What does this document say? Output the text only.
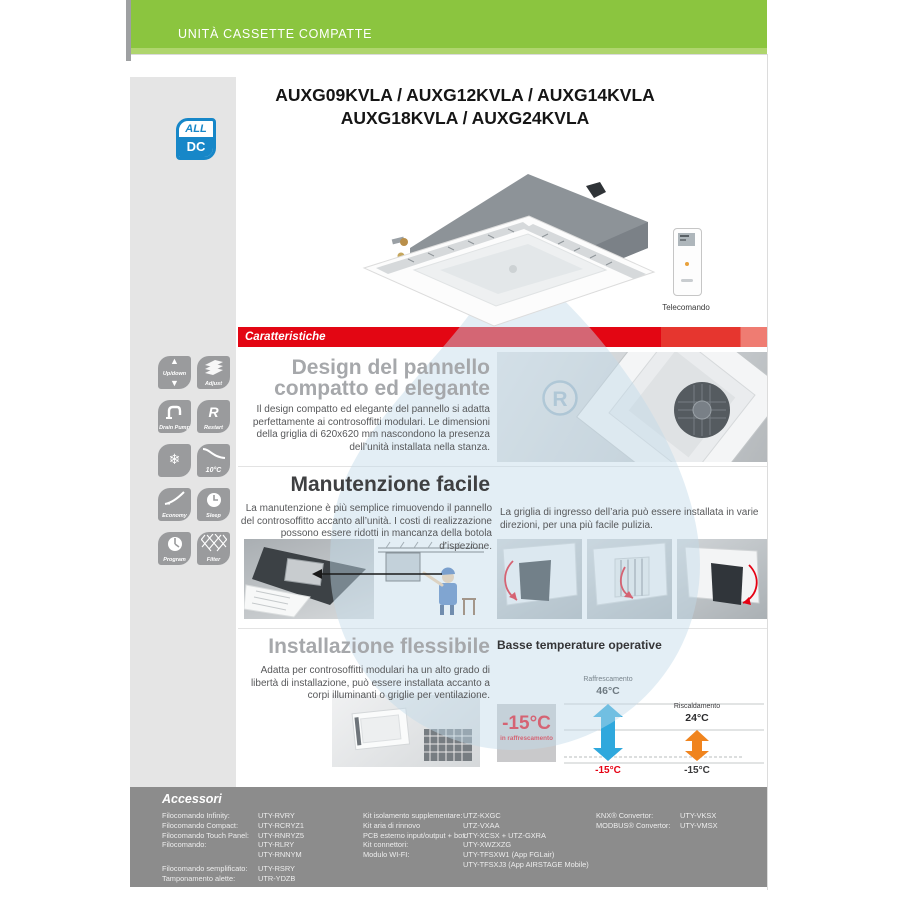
UNITÀ CASSETTE COMPATTE
ALL
DC
▲
Up/down
▼	Adjust
Drain Pump
R
Restart
❄
10°C
Economy	Sleep
Program	Filter
AUXG09KVLA / AUXG12KVLA / AUXG14KVLA
AUXG18KVLA / AUXG24KVLA
Telecomando
Caratteristiche
Design del pannello
compatto ed elegante
Il design compatto ed elegante del pannello si adatta perfettamente ai controsoffitti modulari. Le dimensioni della griglia di 620x620 mm nascondono la presenza dell’unità installata nella stanza.
Manutenzione facile
La manutenzione è più semplice rimuovendo il pannello del controsoffitto accanto all’unità. I costi di realizzazione possono essere ridotti in mancanza della botola d’ispezione.
La griglia di ingresso dell’aria può essere installata in varie direzioni, per una più facile pulizia.
Installazione flessibile
Adatta per controsoffitti modulari ha un alto grado di libertà di installazione, può essere installata accanto a corpi illuminanti o griglie per ventilazione.
Basse temperature operative
-15°C
in raffrescamento
Raffrescamento
46°C
Riscaldamento
24°C
-15°C	-15°C
R
Accessori
Filocomando Infinity:	UTY-RVRY
Filocomando Compact:	UTY-RCRYZ1
Filocomando Touch Panel: UTY-RNRYZ5
Filocomando:	UTY-RLRY
UTY-RNNYM
Filocomando semplificato: UTY-RSRY
Tamponamento alette:	UTR-YDZB
Kit isolamento supplementare:UTZ-KXGC
Kit aria di rinnovo	UTZ-VXAA
PCB esterno input/output + box:UTY-XCSX + UTZ-GXRA
Kit connettori:	UTY-XWZXZG
Modulo WI-FI:	UTY-TFSXW1 (App FGLair)
UTY-TFSXJ3 (App AIRSTAGE Mobile)
KNX® Convertor:	UTY-VKSX
MODBUS® Convertor: UTY-VMSX
